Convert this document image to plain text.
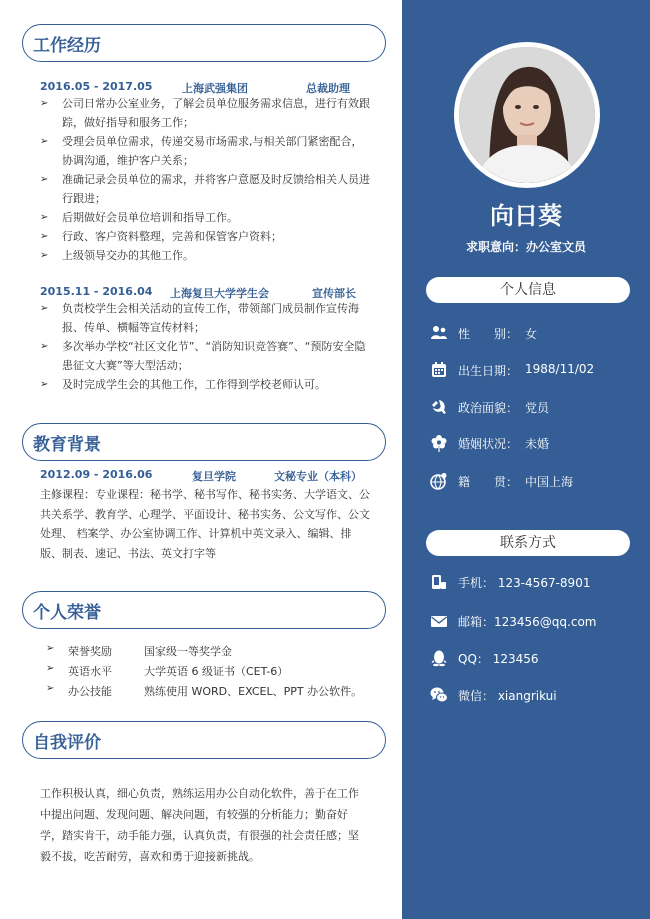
工作经历
2016.05 - 2017.05	上海武强集团	总裁助理
➢ 公司日常办公室业务，了解会员单位服务需求信息，进行有效跟踪，做好指导和服务工作；
➢ 受理会员单位需求，传递交易市场需求,与相关部门紧密配合，协调沟通，维护客户关系；
➢ 准确记录会员单位的需求，并将客户意愿及时反馈给相关人员进行跟进；
➢ 后期做好会员单位培训和指导工作。
➢ 行政、客户资料整理，完善和保管客户资料；
➢ 上级领导交办的其他工作。
2015.11 - 2016.04 上海复旦大学学生会	宣传部长
➢ 负责校学生会相关活动的宣传工作，带领部门成员制作宣传海报、传单、横幅等宣传材料；
➢ 多次举办学校“社区文化节”、“消防知识竞答赛”、“预防安全隐患征文大赛”等大型活动；
➢ 及时完成学生会的其他工作，工作得到学校老师认可。
教育背景
2012.09 - 2016.06	复旦学院	文秘专业（本科）
主修课程：专业课程：秘书学、秘书写作、秘书实务、大学语文、公共关系学、教育学、心理学、平面设计、秘书实务、公文写作、公文处理、 档案学、办公室协调工作、计算机中英文录入、编辑、排版、制表、速记、书法、英文打字等
个人荣誉
➢ 荣誉奖励	国家级一等奖学金
➢ 英语水平	大学英语 6 级证书（CET-6）
➢ 办公技能	熟练使用 WORD、EXCEL、PPT 办公软件。
自我评价
工作积极认真，细心负责，熟练运用办公自动化软件，善于在工作中提出问题、发现问题、解决问题，有较强的分析能力；勤奋好学，踏实肯干，动手能力强，认真负责，有很强的社会责任感；坚毅不拔，吃苦耐劳，喜欢和勇于迎接新挑战。
向日葵
求职意向：办公室文员
个人信息
性　　别： 女
出生日期： 1988/11/02
政治面貌： 党员
婚姻状况： 未婚
籍　　贯： 中国上海
联系方式
手机： 123-4567-8901
邮箱：123456@qq.com
QQ： 123456
微信： xiangrikui
